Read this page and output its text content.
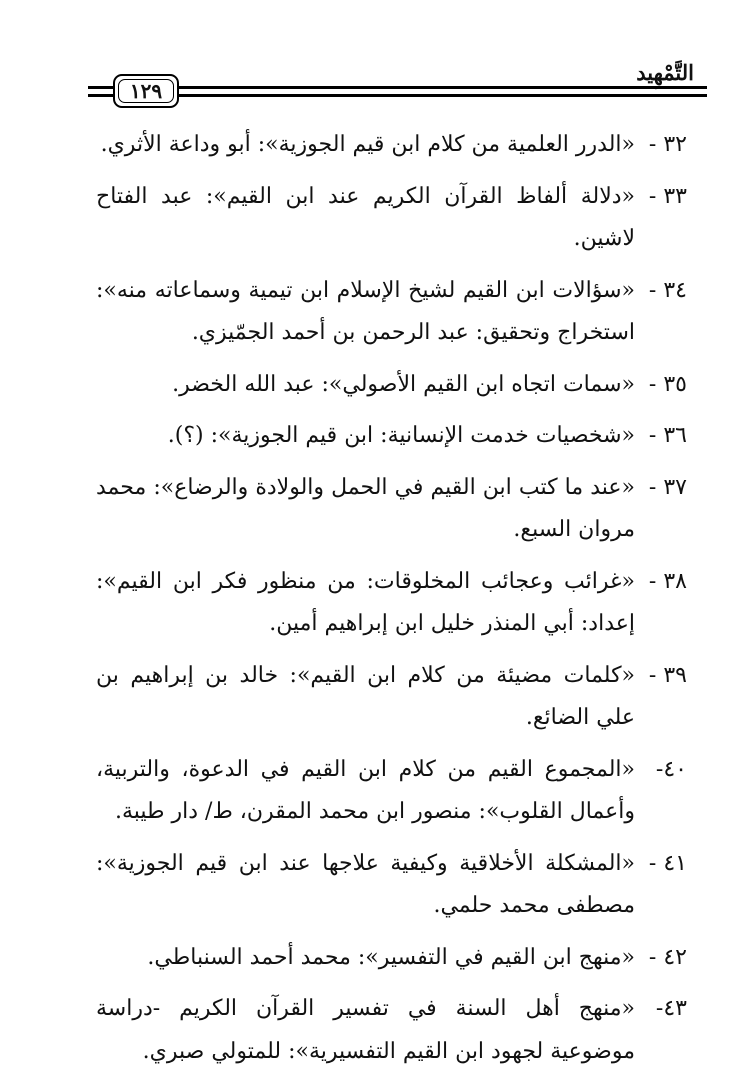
التَّمْهِيد
١٢٩
٣٢ -
«الدرر العلمية من كلام ابن قيم الجوزية»: أبو وداعة الأثري.
٣٣ -
«دلالة ألفاظ القرآن الكريم عند ابن القيم»: عبد الفتاح لاشين.
٣٤ -
«سؤالات ابن القيم لشيخ الإسلام ابن تيمية وسماعاته منه»: استخراج وتحقيق: عبد الرحمن بن أحمد الجمّيزي.
٣٥ -
«سمات اتجاه ابن القيم الأصولي»: عبد الله الخضر.
٣٦ -
«شخصيات خدمت الإنسانية: ابن قيم الجوزية»: (؟).
٣٧ -
«عند ما كتب ابن القيم في الحمل والولادة والرضاع»: محمد مروان السبع.
٣٨ -
«غرائب وعجائب المخلوقات: من منظور فكر ابن القيم»: إعداد: أبي المنذر خليل ابن إبراهيم أمين.
٣٩ -
«كلمات مضيئة من كلام ابن القيم»: خالد بن إبراهيم بن علي الضائع.
٤٠-
«المجموع القيم من كلام ابن القيم في الدعوة، والتربية، وأعمال القلوب»: منصور ابن محمد المقرن، ط/ دار طيبة.
٤١ -
«المشكلة الأخلاقية وكيفية علاجها عند ابن قيم الجوزية»: مصطفى محمد حلمي.
٤٢ -
«منهج ابن القيم في التفسير»: محمد أحمد السنباطي.
٤٣-
«منهج أهل السنة في تفسير القرآن الكريم -دراسة موضوعية لجهود ابن القيم التفسيرية»: للمتولي صبري.
